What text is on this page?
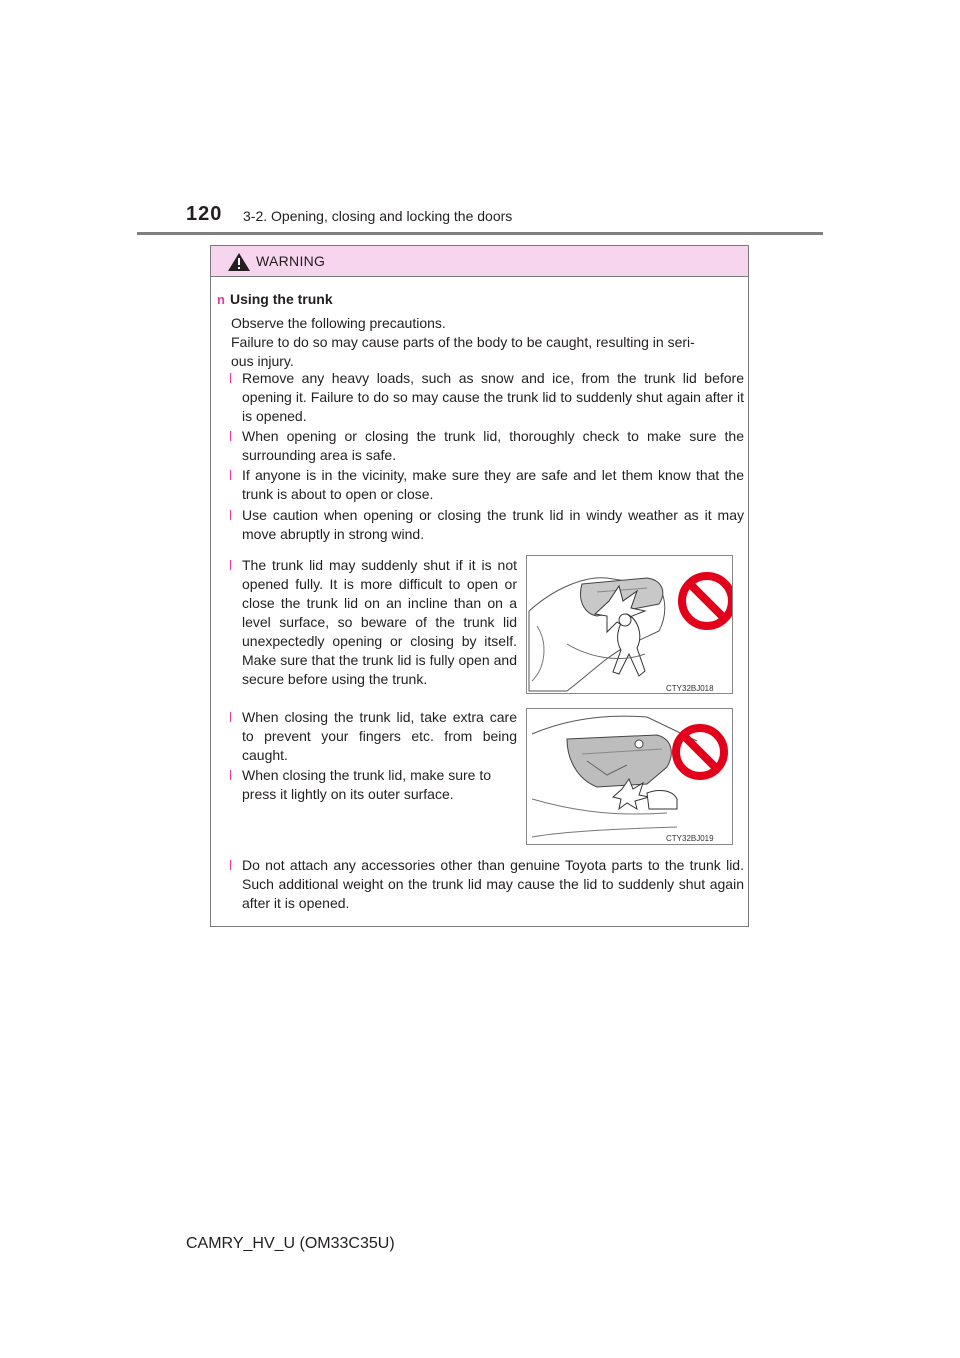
120 3-2. Opening, closing and locking the doors
WARNING
n Using the trunk
Observe the following precautions.
Failure to do so may cause parts of the body to be caught, resulting in seri-
ous injury.
l Remove any heavy loads, such as snow and ice, from the trunk lid before opening it. Failure to do so may cause the trunk lid to suddenly shut again after it is opened.
l When opening or closing the trunk lid, thoroughly check to make sure the surrounding area is safe.
l If anyone is in the vicinity, make sure they are safe and let them know that the trunk is about to open or close.
l Use caution when opening or closing the trunk lid in windy weather as it may move abruptly in strong wind.
l The trunk lid may suddenly shut if it is not opened fully. It is more difficult to open or close the trunk lid on an incline than on a level surface, so beware of the trunk lid unexpectedly opening or closing by itself. Make sure that the trunk lid is fully open and secure before using the trunk.
CTY32BJ018
l When closing the trunk lid, take extra care to prevent your fingers etc. from being caught.
l When closing the trunk lid, make sure to press it lightly on its outer surface.
CTY32BJ019
l Do not attach any accessories other than genuine Toyota parts to the trunk lid. Such additional weight on the trunk lid may cause the lid to suddenly shut again after it is opened.
CAMRY_HV_U (OM33C35U)
